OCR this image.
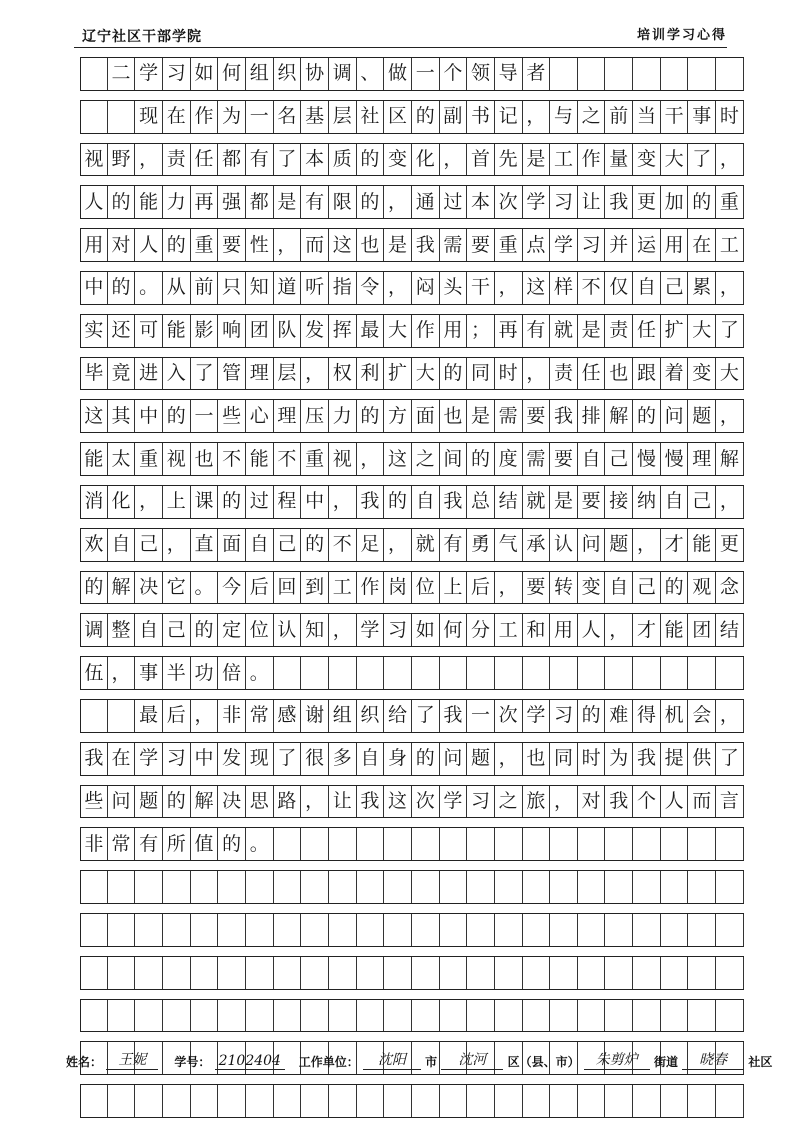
辽宁社区干部学院	培训学习心得
二 学 习 如 何 组 织 协 调 、 做 一 个 领 导 者
现 在 作 为 一 名 基 层 社 区 的 副 书 记 ， 与 之 前 当 干 事 时
视 野 ， 责 任 都 有 了 本 质 的 变 化 ， 首 先 是 工 作 量 变 大 了 ，
人 的 能 力 再 强 都 是 有 限 的 ， 通 过 本 次 学 习 让 我 更 加 的 重
用 对 人 的 重 要 性 ， 而 这 也 是 我 需 要 重 点 学 习 并 运 用 在 工
中 的 。 从 前 只 知 道 听 指 令 ， 闷 头 干 ， 这 样 不 仅 自 己 累 ，
实 还 可 能 影 响 团 队 发 挥 最 大 作 用 ； 再 有 就 是 责 任 扩 大 了
毕 竟 进 入 了 管 理 层 ， 权 利 扩 大 的 同 时 ， 责 任 也 跟 着 变 大
这 其 中 的 一 些 心 理 压 力 的 方 面 也 是 需 要 我 排 解 的 问 题 ，
能 太 重 视 也 不 能 不 重 视 ， 这 之 间 的 度 需 要 自 己 慢 慢 理 解
消 化 ， 上 课 的 过 程 中 ， 我 的 自 我 总 结 就 是 要 接 纳 自 己 ，
欢 自 己 ， 直 面 自 己 的 不 足 ， 就 有 勇 气 承 认 问 题 ， 才 能 更
的 解 决 它 。 今 后 回 到 工 作 岗 位 上 后 ， 要 转 变 自 己 的 观 念
调 整 自 己 的 定 位 认 知 ， 学 习 如 何 分 工 和 用 人 ， 才 能 团 结
伍 ， 事 半 功 倍 。
最 后 ， 非 常 感 谢 组 织 给 了 我 一 次 学 习 的 难 得 机 会 ，
我 在 学 习 中 发 现 了 很 多 自 身 的 问 题 ， 也 同 时 为 我 提 供 了
些 问 题 的 解 决 思 路 ， 让 我 这 次 学 习 之 旅 ， 对 我 个 人 而 言
非 常 有 所 值 的 。
姓名： 王妮 学号： 2102404 工作单位： 沈阳 市 沈河 区（县、市） 朱剪炉 街道 晓春 社区
